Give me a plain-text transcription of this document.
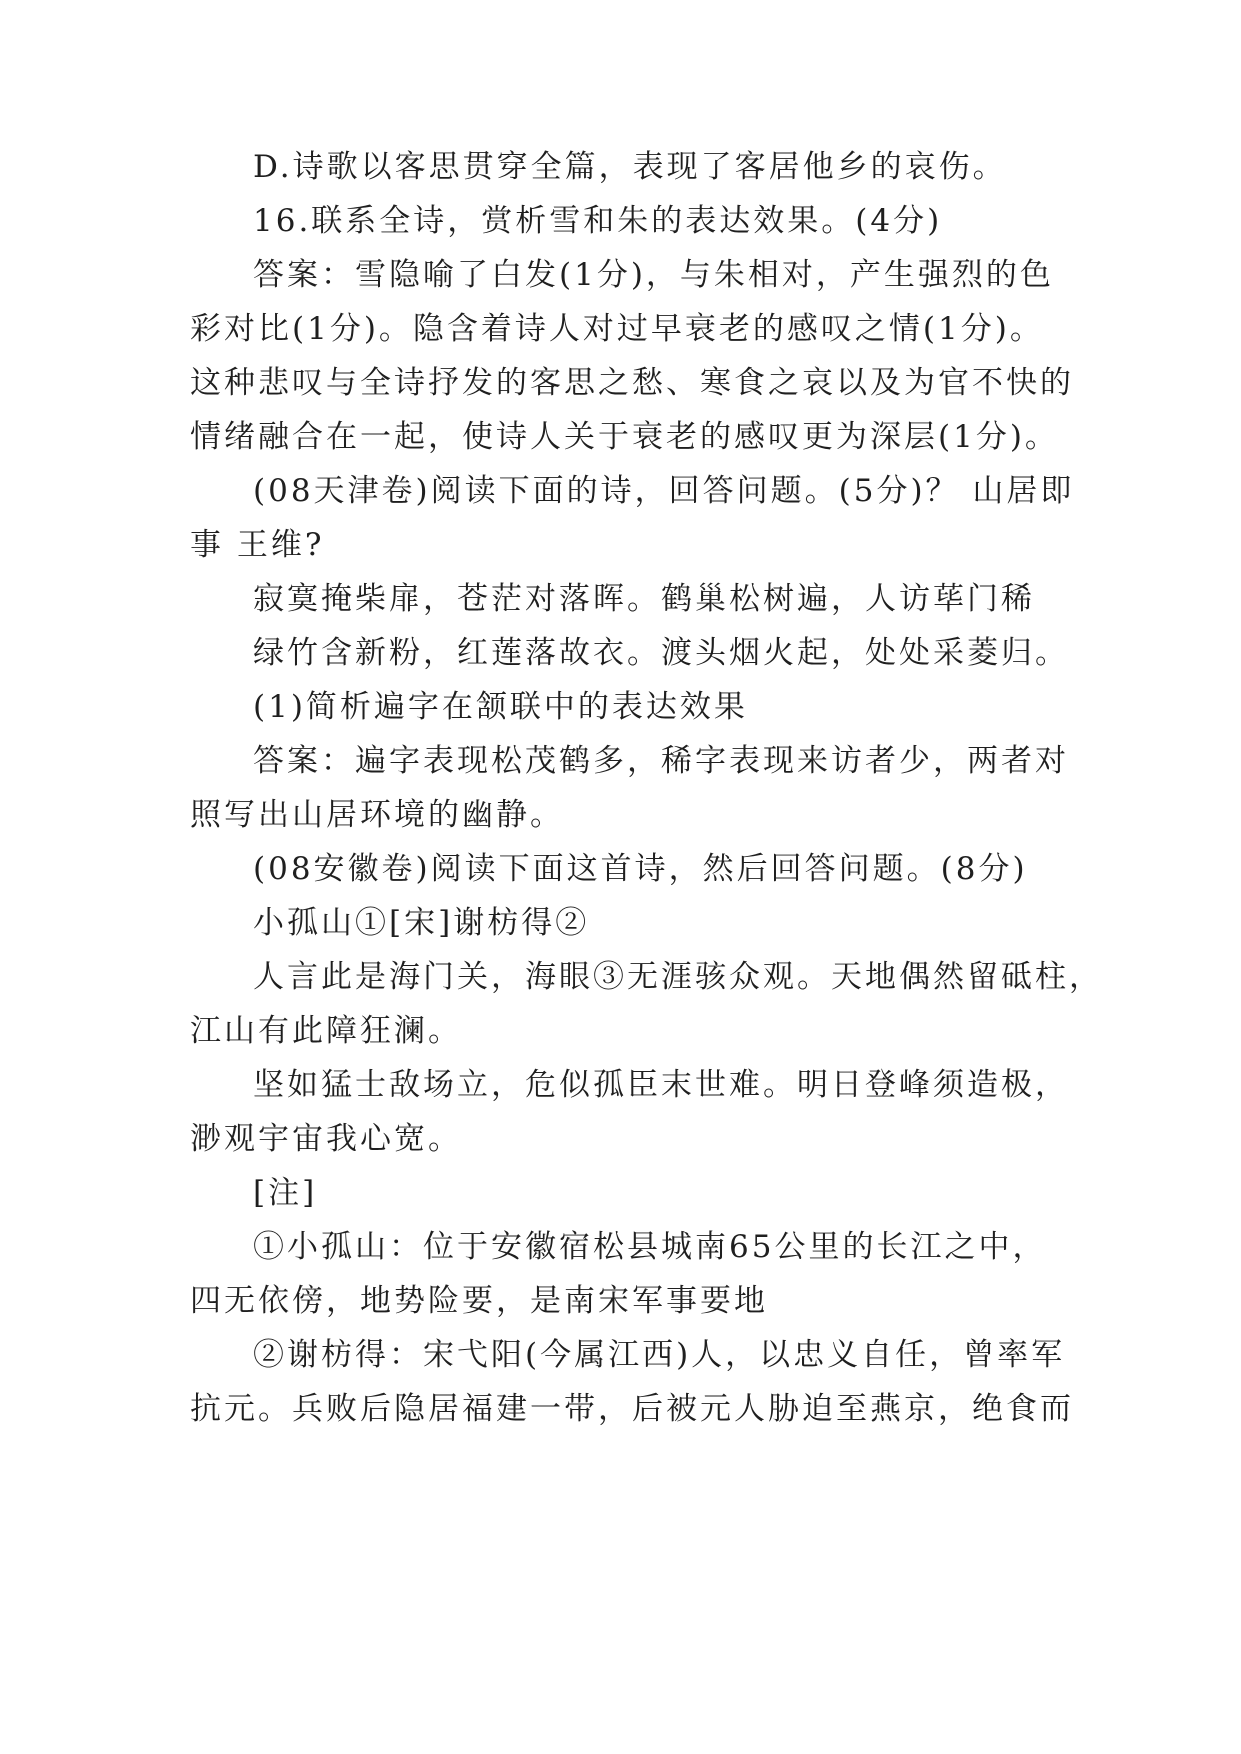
D.诗歌以客思贯穿全篇，表现了客居他乡的哀伤。
16.联系全诗，赏析雪和朱的表达效果。(4分)
答案：雪隐喻了白发(1分)，与朱相对，产生强烈的色
彩对比(1分)。隐含着诗人对过早衰老的感叹之情(1分)。
这种悲叹与全诗抒发的客思之愁、寒食之哀以及为官不快的
情绪融合在一起，使诗人关于衰老的感叹更为深层(1分)。
(08天津卷)阅读下面的诗，回答问题。(5分)？ 山居即
事 王维?
寂寞掩柴扉，苍茫对落晖。鹤巢松树遍，人访荜门稀
绿竹含新粉，红莲落故衣。渡头烟火起，处处采菱归。
(1)简析遍字在颔联中的表达效果
答案：遍字表现松茂鹤多，稀字表现来访者少，两者对
照写出山居环境的幽静。
(08安徽卷)阅读下面这首诗，然后回答问题。(8分)
小孤山①[宋]谢枋得②
人言此是海门关，海眼③无涯骇众观。天地偶然留砥柱，
江山有此障狂澜。
坚如猛士敌场立，危似孤臣末世难。明日登峰须造极，
渺观宇宙我心宽。
[注]
①小孤山：位于安徽宿松县城南65公里的长江之中，
四无依傍，地势险要，是南宋军事要地
②谢枋得：宋弋阳(今属江西)人，以忠义自任，曾率军
抗元。兵败后隐居福建一带，后被元人胁迫至燕京，绝食而
